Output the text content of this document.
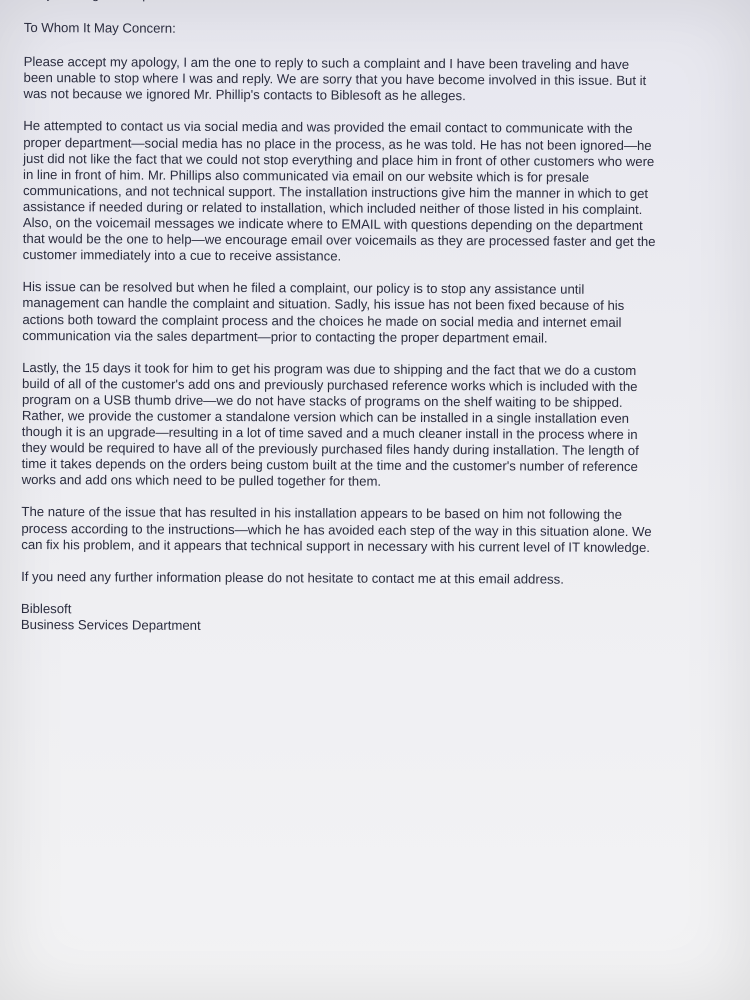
To Whom It May Concern:
Please accept my apology, I am the one to reply to such a complaint and I have been traveling and have
been unable to stop where I was and reply. We are sorry that you have become involved in this issue. But it
was not because we ignored Mr. Phillip's contacts to Biblesoft as he alleges.
He attempted to contact us via social media and was provided the email contact to communicate with the
proper department—social media has no place in the process, as he was told. He has not been ignored—he
just did not like the fact that we could not stop everything and place him in front of other customers who were
in line in front of him. Mr. Phillips also communicated via email on our website which is for presale
communications, and not technical support. The installation instructions give him the manner in which to get
assistance if needed during or related to installation, which included neither of those listed in his complaint.
Also, on the voicemail messages we indicate where to EMAIL with questions depending on the department
that would be the one to help—we encourage email over voicemails as they are processed faster and get the
customer immediately into a cue to receive assistance.
His issue can be resolved but when he filed a complaint, our policy is to stop any assistance until
management can handle the complaint and situation. Sadly, his issue has not been fixed because of his
actions both toward the complaint process and the choices he made on social media and internet email
communication via the sales department—prior to contacting the proper department email.
Lastly, the 15 days it took for him to get his program was due to shipping and the fact that we do a custom
build of all of the customer's add ons and previously purchased reference works which is included with the
program on a USB thumb drive—we do not have stacks of programs on the shelf waiting to be shipped.
Rather, we provide the customer a standalone version which can be installed in a single installation even
though it is an upgrade—resulting in a lot of time saved and a much cleaner install in the process where in
they would be required to have all of the previously purchased files handy during installation. The length of
time it takes depends on the orders being custom built at the time and the customer's number of reference
works and add ons which need to be pulled together for them.
The nature of the issue that has resulted in his installation appears to be based on him not following the
process according to the instructions—which he has avoided each step of the way in this situation alone. We
can fix his problem, and it appears that technical support in necessary with his current level of IT knowledge.
If you need any further information please do not hesitate to contact me at this email address.
Biblesoft
Business Services Department
